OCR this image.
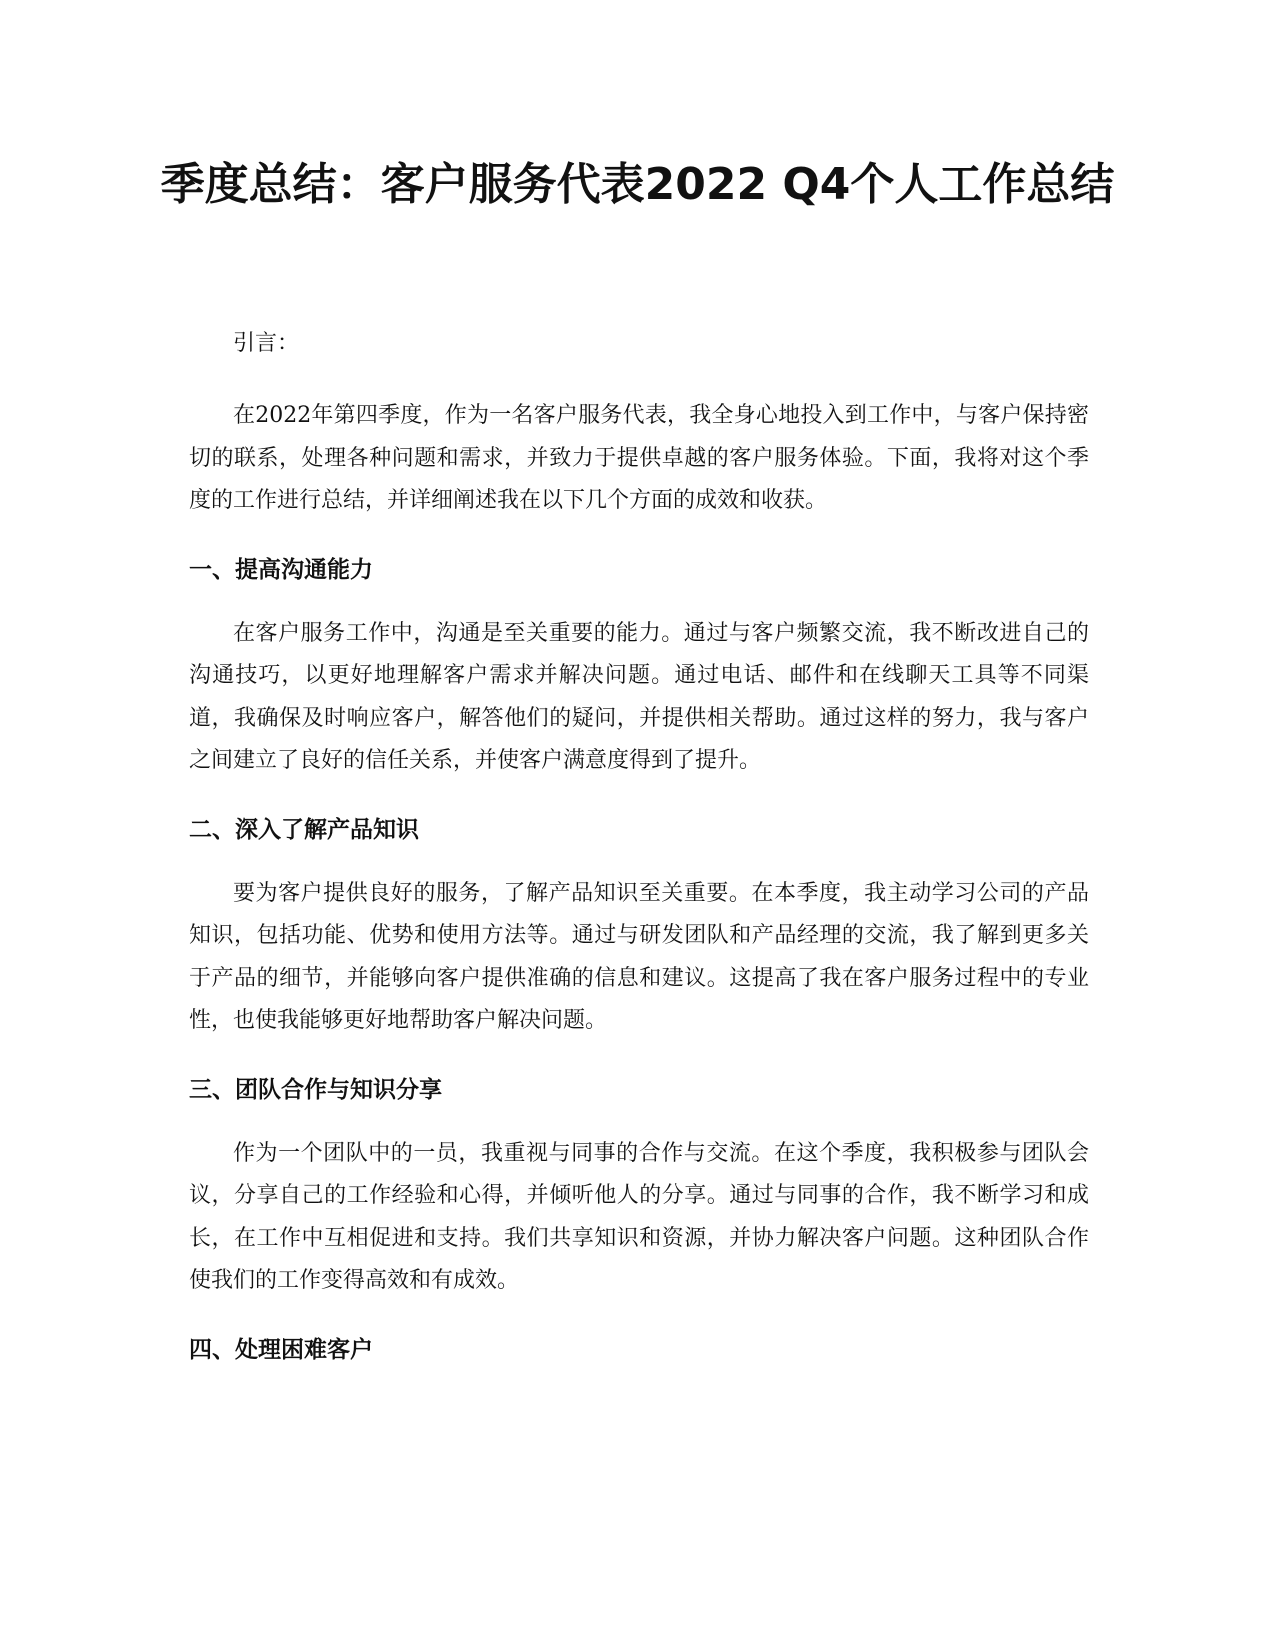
季度总结：客户服务代表2022 Q4个人工作总结

引言：

在2022年第四季度，作为一名客户服务代表，我全身心地投入到工作中，与客户保持密切的联系，处理各种问题和需求，并致力于提供卓越的客户服务体验。下面，我将对这个季度的工作进行总结，并详细阐述我在以下几个方面的成效和收获。

一、提高沟通能力

在客户服务工作中，沟通是至关重要的能力。通过与客户频繁交流，我不断改进自己的沟通技巧，以更好地理解客户需求并解决问题。通过电话、邮件和在线聊天工具等不同渠道，我确保及时响应客户，解答他们的疑问，并提供相关帮助。通过这样的努力，我与客户之间建立了良好的信任关系，并使客户满意度得到了提升。

二、深入了解产品知识

要为客户提供良好的服务，了解产品知识至关重要。在本季度，我主动学习公司的产品知识，包括功能、优势和使用方法等。通过与研发团队和产品经理的交流，我了解到更多关于产品的细节，并能够向客户提供准确的信息和建议。这提高了我在客户服务过程中的专业性，也使我能够更好地帮助客户解决问题。

三、团队合作与知识分享

作为一个团队中的一员，我重视与同事的合作与交流。在这个季度，我积极参与团队会议，分享自己的工作经验和心得，并倾听他人的分享。通过与同事的合作，我不断学习和成长，在工作中互相促进和支持。我们共享知识和资源，并协力解决客户问题。这种团队合作使我们的工作变得高效和有成效。

四、处理困难客户
